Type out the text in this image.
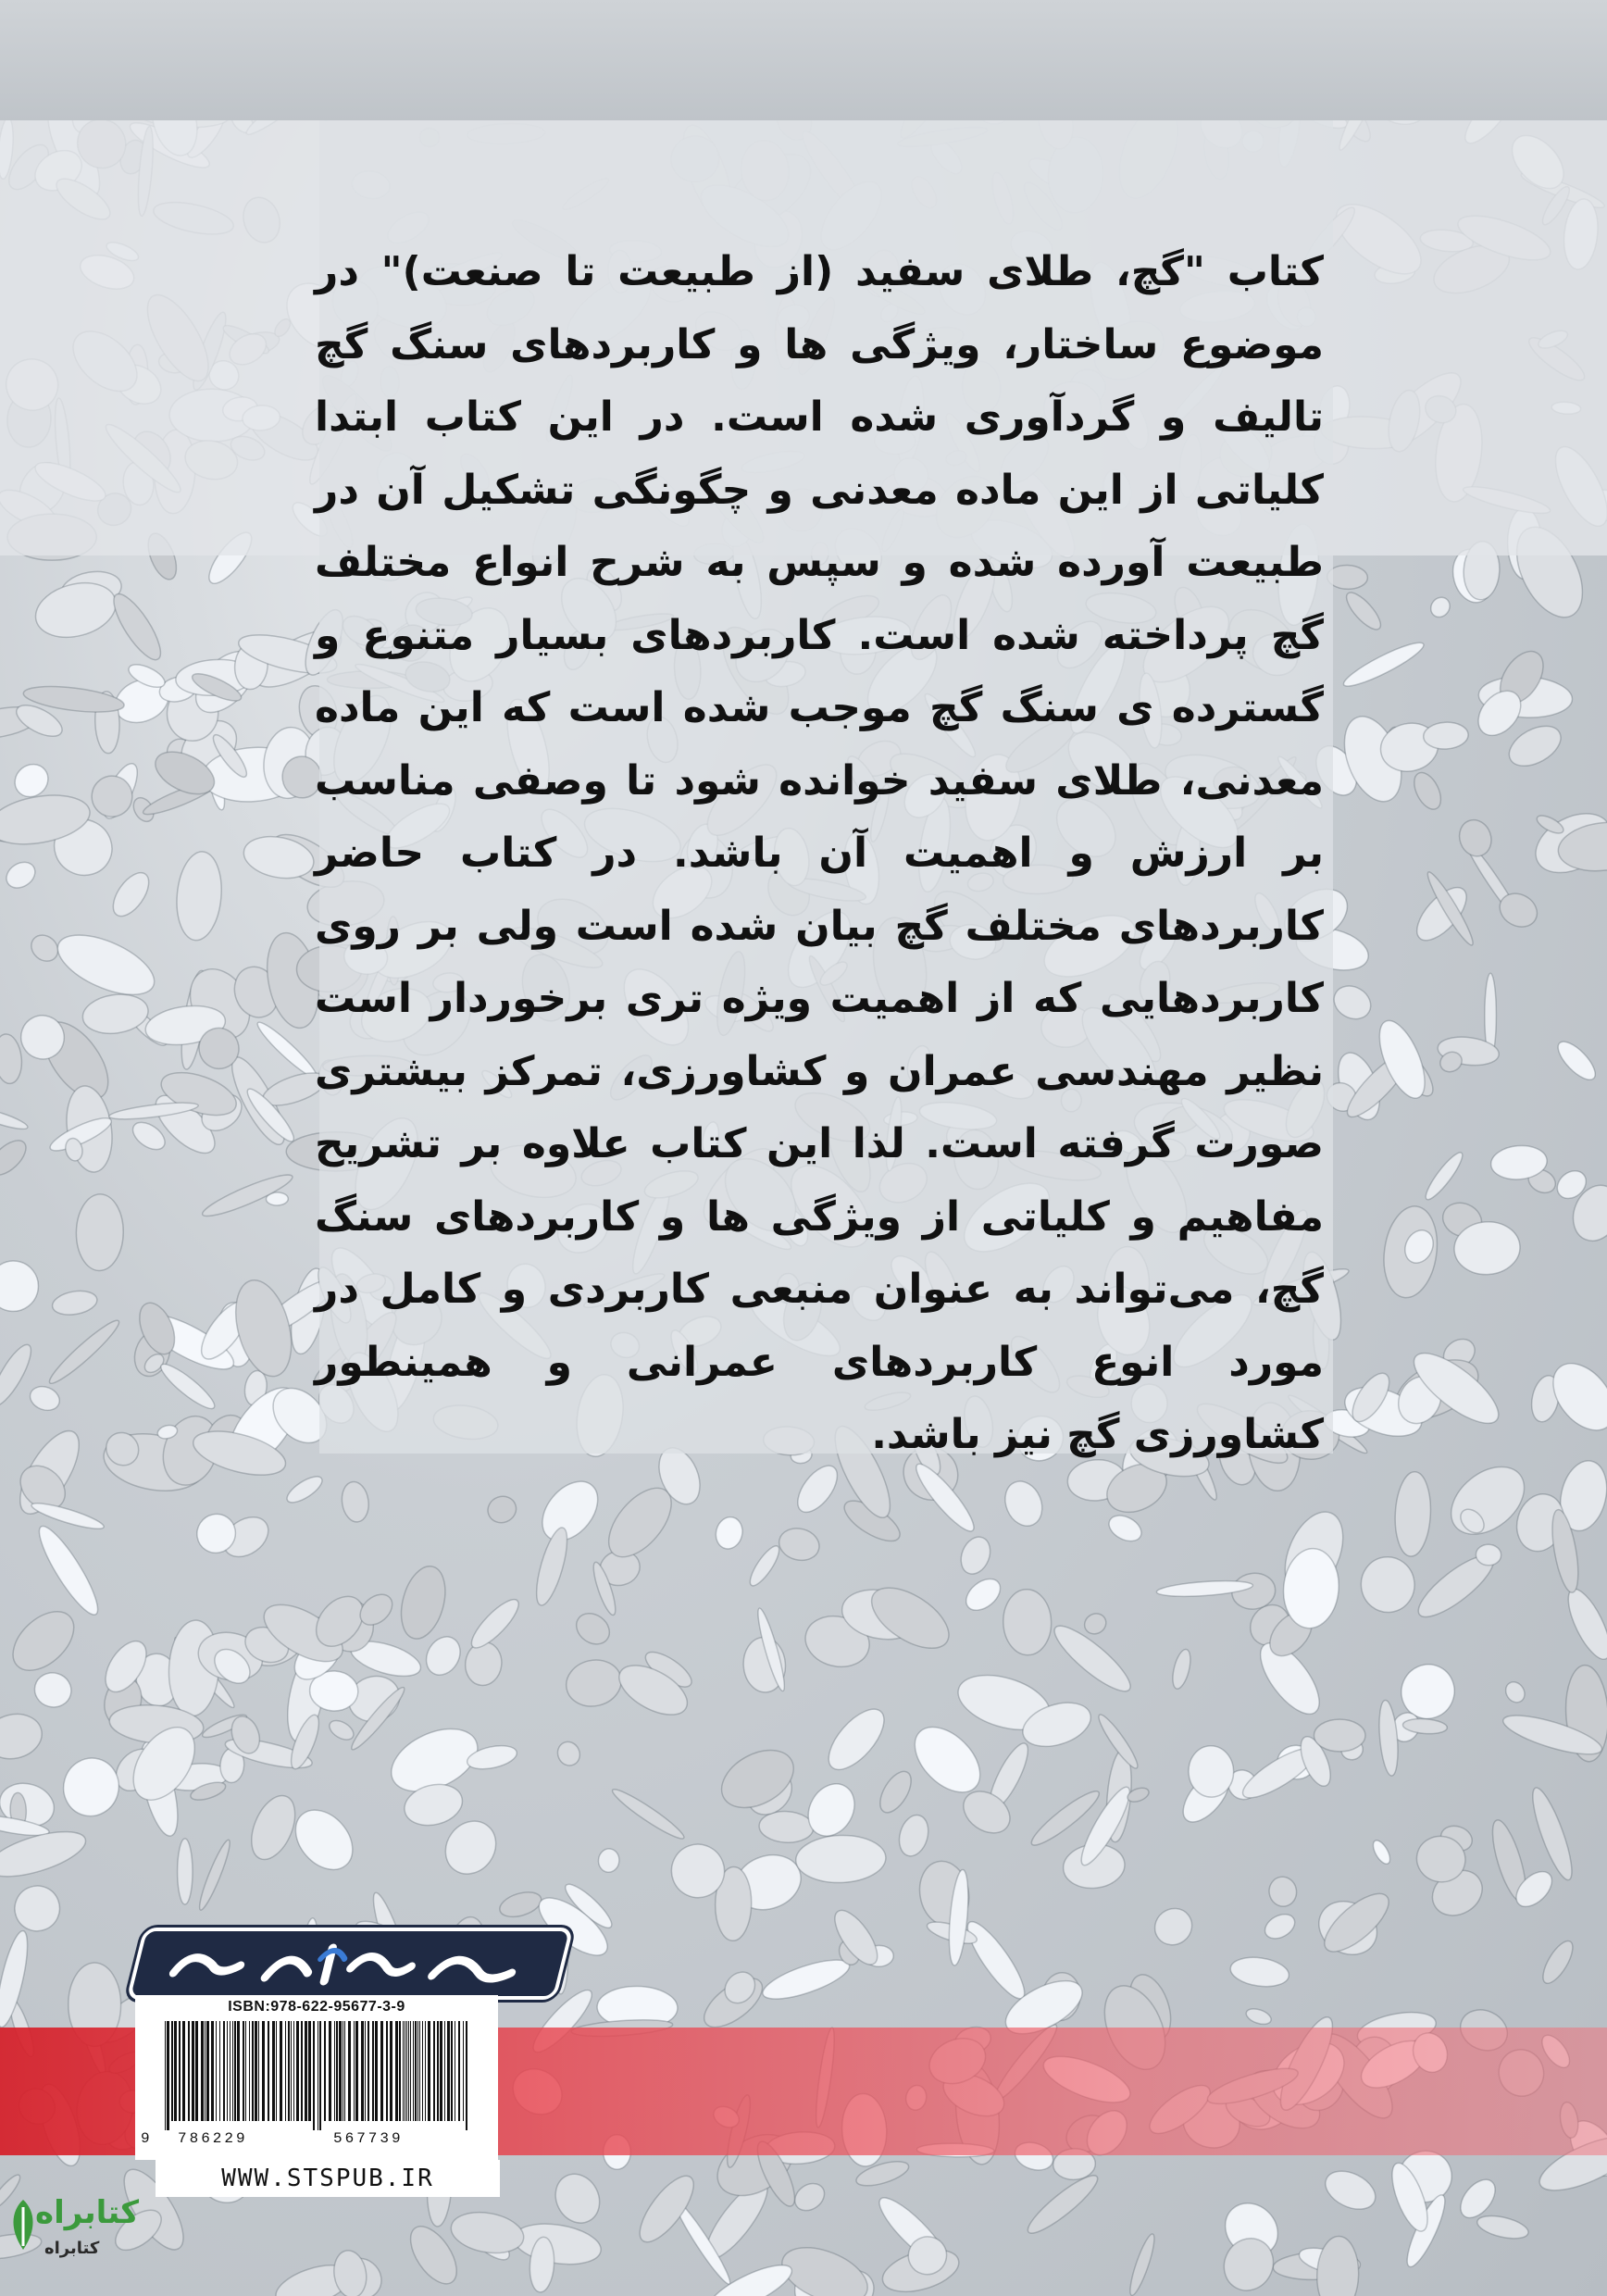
کتاب "گچ، طلای سفید (از طبیعت تا صنعت)" در موضوع ساختار، ویژگی ها و کاربردهای سنگ گچ تالیف و گردآوری شده است. در این کتاب ابتدا کلیاتی از این ماده معدنی و چگونگی تشکیل آن در طبیعت آورده شده و سپس به شرح انواع مختلف گچ پرداخته شده است. کاربردهای بسیار متنوع و گسترده ی سنگ گچ موجب شده است که این ماده معدنی، طلای سفید خوانده شود تا وصفی مناسب بر ارزش و اهمیت آن باشد. در کتاب حاضر کاربردهای مختلف گچ بیان شده است ولی بر روی کاربردهایی که از اهمیت ویژه تری برخوردار است نظیر مهندسی عمران و کشاورزی، تمرکز بیشتری صورت گرفته است. لذا این کتاب علاوه بر تشریح مفاهیم و کلیاتی از ویژگی ها و کاربردهای سنگ گچ، می‌تواند به عنوان منبعی کاربردی و کامل در مورد انوع کاربردهای عمرانی و همینطور کشاورزی گچ نیز باشد.

ISBN:978-622-95677-3-9
9 786229	567739
WWW.STSPUB.IR
کتابراه
کتابراه
